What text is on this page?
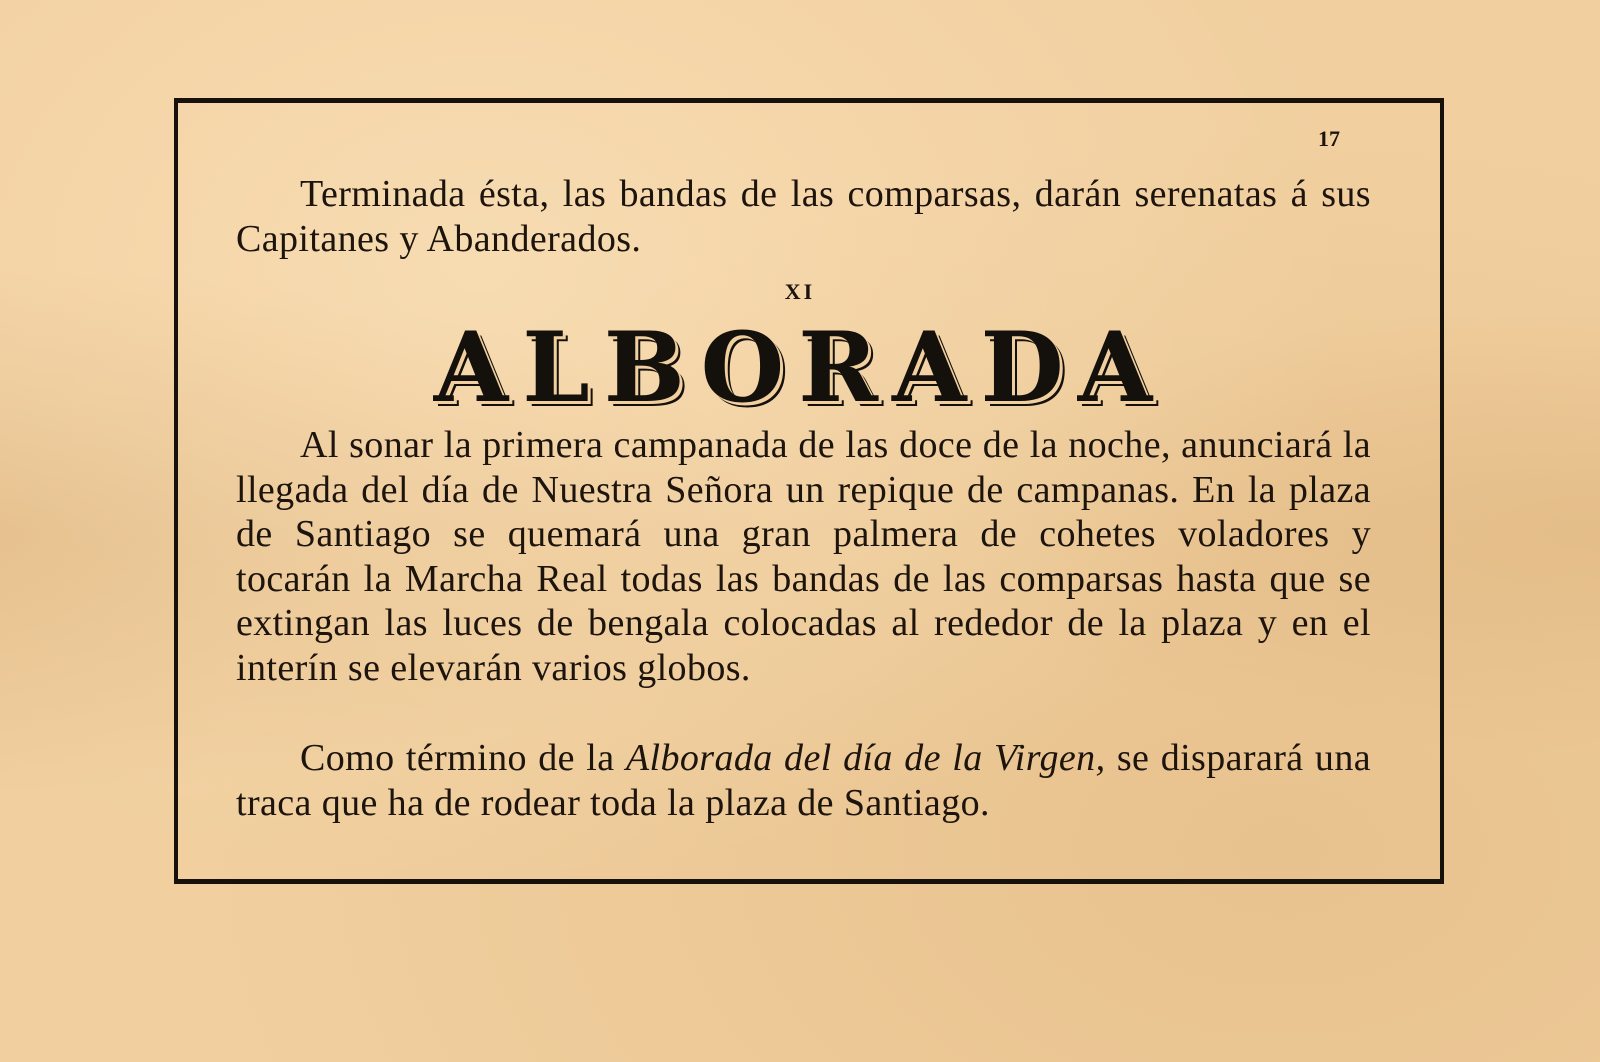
17

Terminada ésta, las bandas de las comparsas, darán serenatas á sus Capitanes y Abanderados.

XI
ALBORADA

Al sonar la primera campanada de las doce de la noche, anunciará la llegada del día de Nuestra Señora un repique de campanas. En la plaza de Santiago se quemará una gran palmera de cohetes voladores y tocarán la Marcha Real todas las bandas de las comparsas hasta que se extingan las luces de bengala colocadas al rededor de la plaza y en el interín se elevarán varios globos.

Como término de la Alborada del día de la Virgen, se disparará una traca que ha de rodear toda la plaza de Santiago.
